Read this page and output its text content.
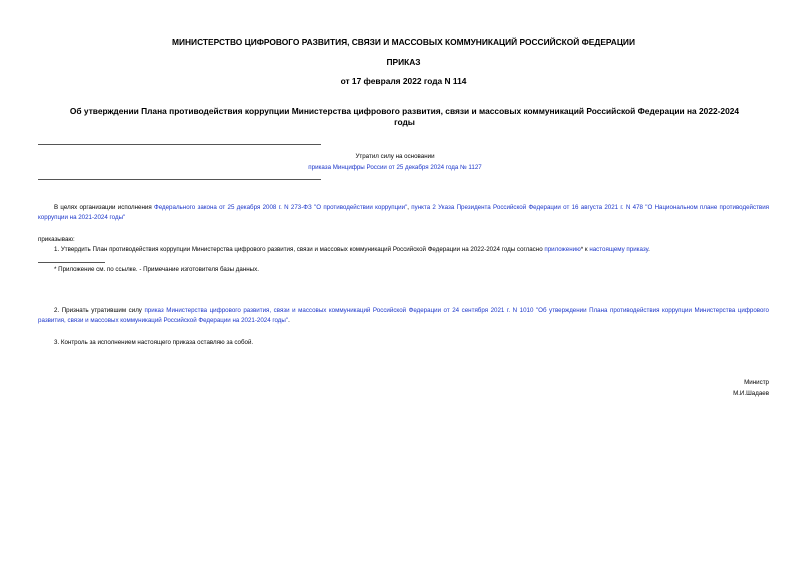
МИНИСТЕРСТВО ЦИФРОВОГО РАЗВИТИЯ, СВЯЗИ И МАССОВЫХ КОММУНИКАЦИЙ РОССИЙСКОЙ ФЕДЕРАЦИИ
ПРИКАЗ
от 17 февраля 2022 года N 114
Об утверждении Плана противодействия коррупции Министерства цифрового развития, связи и массовых коммуникаций Российской Федерации на 2022-2024
годы
Утратил силу на основании
приказа Минцифры России от 25 декабря 2024 года № 1127
В целях организации исполнения Федерального закона от 25 декабря 2008 г. N 273-ФЗ "О противодействии коррупции", пункта 2 Указа Президента Российской Федерации от 16 августа 2021 г. N 478 "О Национальном плане противодействия коррупции на 2021-2024 годы"
приказываю:
1. Утвердить План противодействия коррупции Министерства цифрового развития, связи и массовых коммуникаций Российской Федерации на 2022-2024 годы согласно приложению* к настоящему приказу.
* Приложение см. по ссылке. - Примечание изготовителя базы данных.
2. Признать утратившим силу приказ Министерства цифрового развития, связи и массовых коммуникаций Российской Федерации от 24 сентября 2021 г. N 1010 "Об утверждении Плана противодействия коррупции Министерства цифрового развития, связи и массовых коммуникаций Российской Федерации на 2021-2024 годы".
3. Контроль за исполнением настоящего приказа оставляю за собой.
Министр
М.И.Шадаев
